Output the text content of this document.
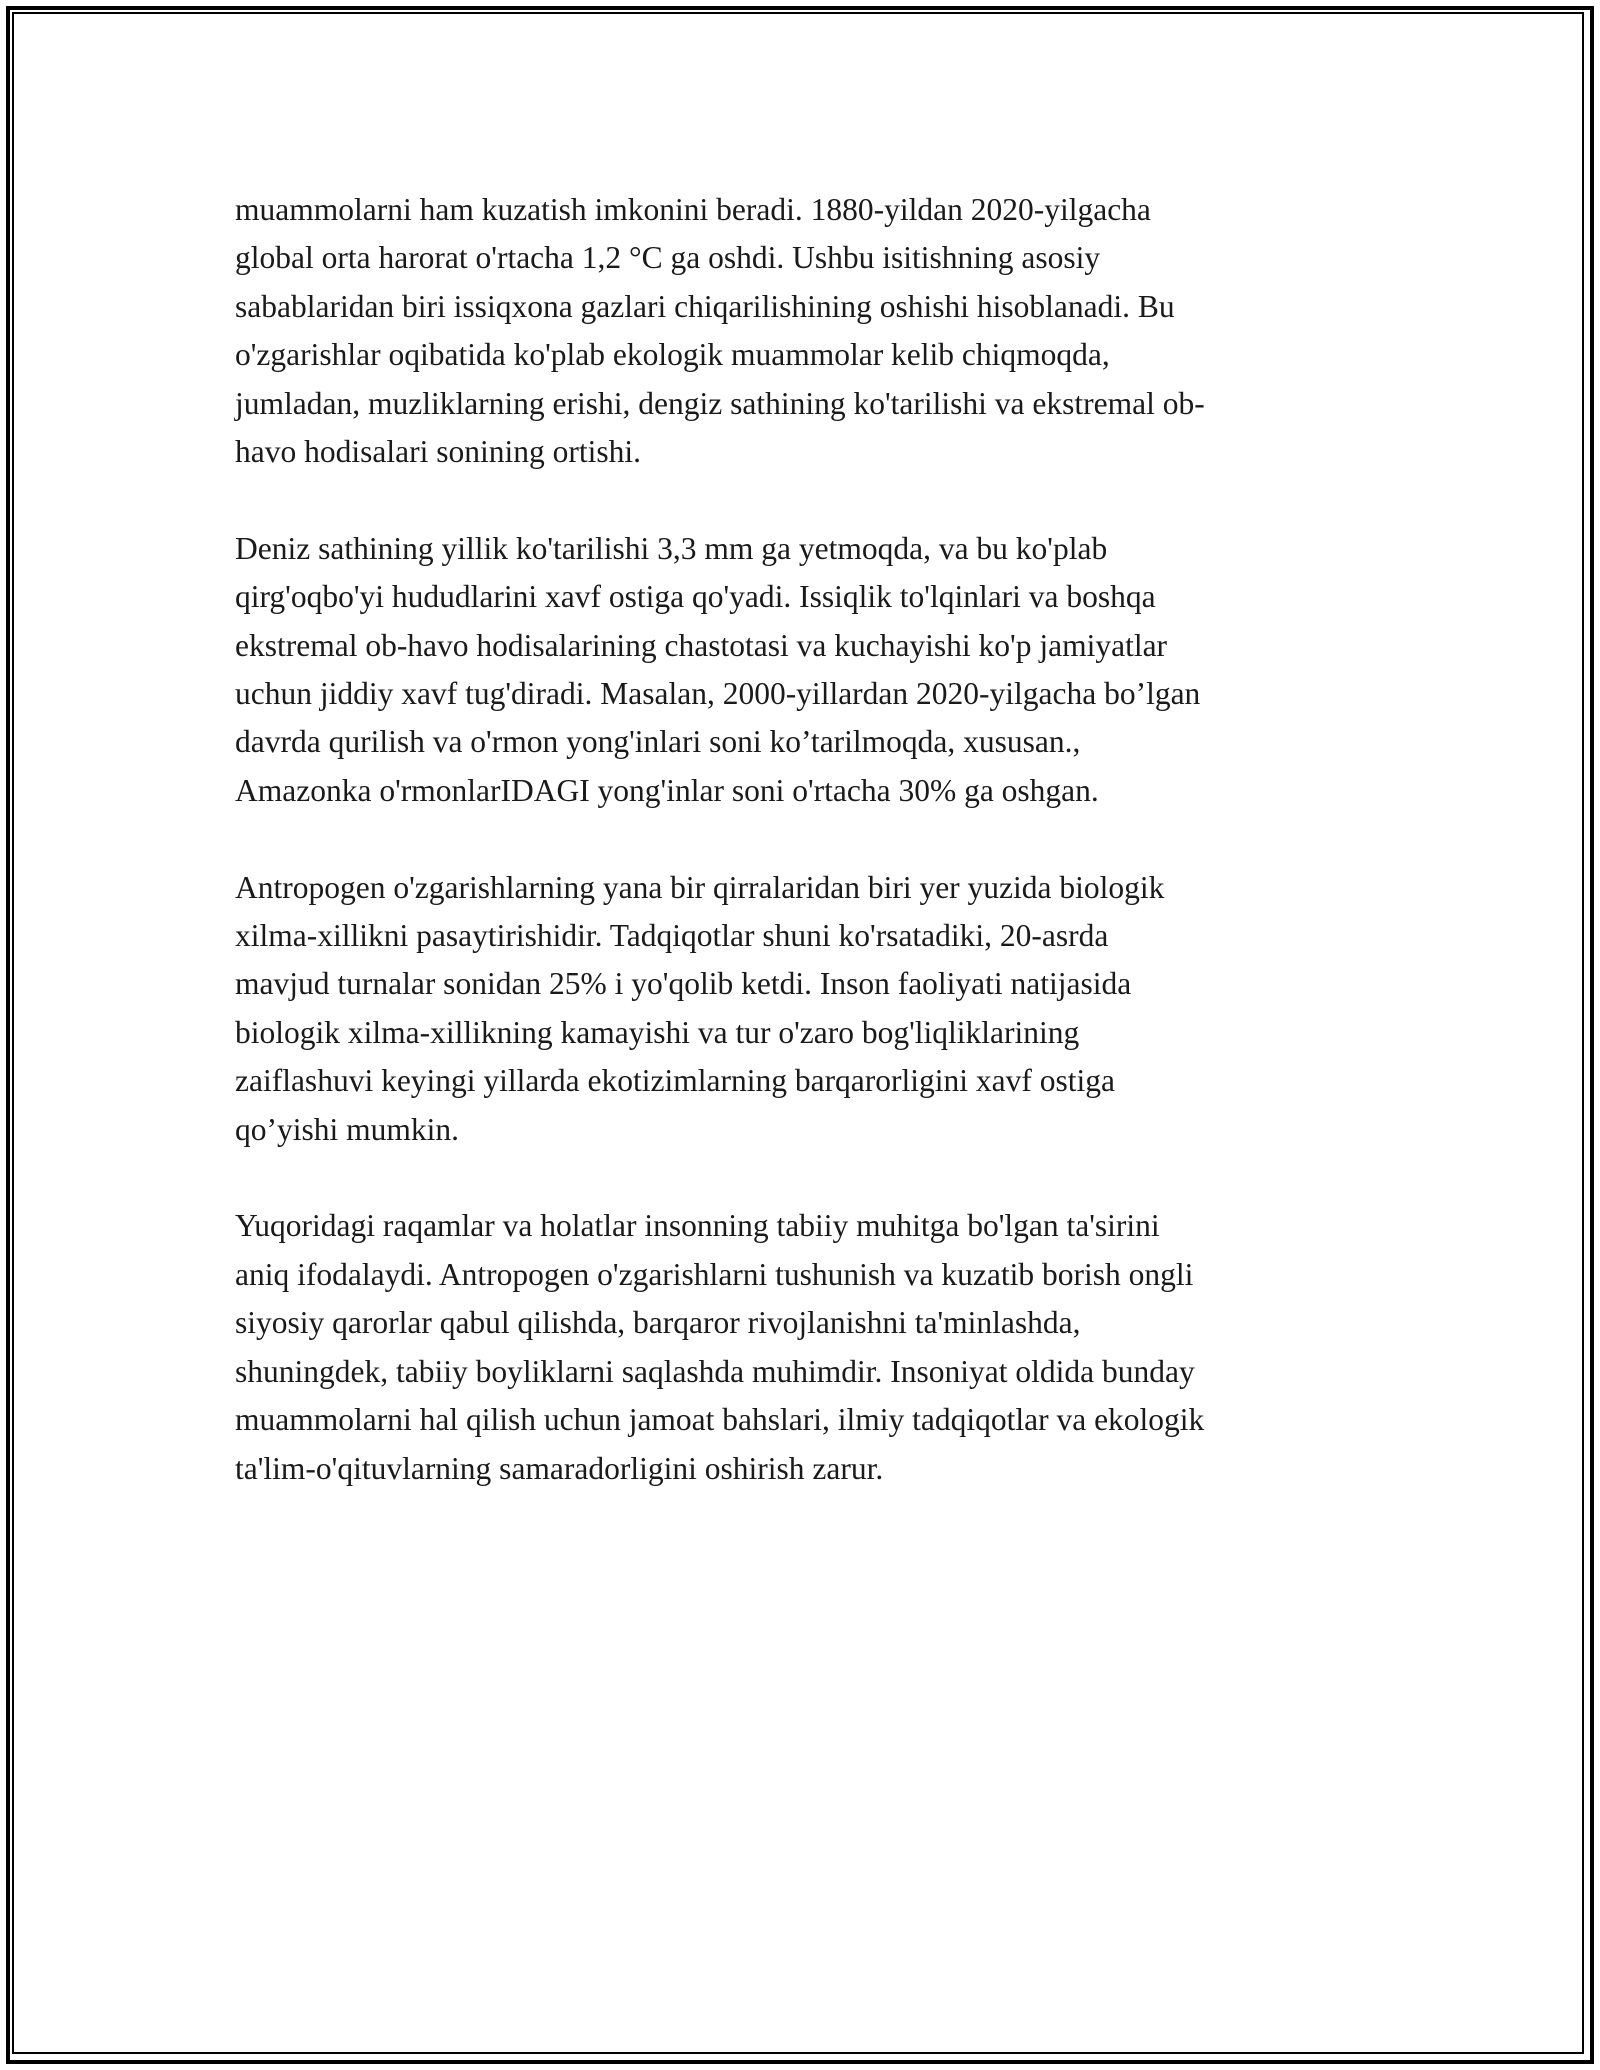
muammolarni ham kuzatish imkonini beradi. 1880-yildan 2020-yilgacha
global orta harorat o'rtacha 1,2 °C ga oshdi. Ushbu isitishning asosiy
sabablaridan biri issiqxona gazlari chiqarilishining oshishi hisoblanadi. Bu
o'zgarishlar oqibatida ko'plab ekologik muammolar kelib chiqmoqda,
jumladan, muzliklarning erishi, dengiz sathining ko'tarilishi va ekstremal ob-
havo hodisalari sonining ortishi.

Deniz sathining yillik ko'tarilishi 3,3 mm ga yetmoqda, va bu ko'plab
qirg'oqbo'yi hududlarini xavf ostiga qo'yadi. Issiqlik to'lqinlari va boshqa
ekstremal ob-havo hodisalarining chastotasi va kuchayishi ko'p jamiyatlar
uchun jiddiy xavf tug'diradi. Masalan, 2000-yillardan 2020-yilgacha bo’lgan
davrda qurilish va o'rmon yong'inlari soni ko’tarilmoqda, xususan.,
Amazonka o'rmonlarIDAGI yong'inlar soni o'rtacha 30% ga oshgan.

Antropogen o'zgarishlarning yana bir qirralaridan biri yer yuzida biologik
xilma-xillikni pasaytirishidir. Tadqiqotlar shuni ko'rsatadiki, 20-asrda
mavjud turnalar sonidan 25% i yo'qolib ketdi. Inson faoliyati natijasida
biologik xilma-xillikning kamayishi va tur o'zaro bog'liqliklarining
zaiflashuvi keyingi yillarda ekotizimlarning barqarorligini xavf ostiga
qo’yishi mumkin.

Yuqoridagi raqamlar va holatlar insonning tabiiy muhitga bo'lgan ta'sirini
aniq ifodalaydi. Antropogen o'zgarishlarni tushunish va kuzatib borish ongli
siyosiy qarorlar qabul qilishda, barqaror rivojlanishni ta'minlashda,
shuningdek, tabiiy boyliklarni saqlashda muhimdir. Insoniyat oldida bunday
muammolarni hal qilish uchun jamoat bahslari, ilmiy tadqiqotlar va ekologik
ta'lim-o'qituvlarning samaradorligini oshirish zarur.
